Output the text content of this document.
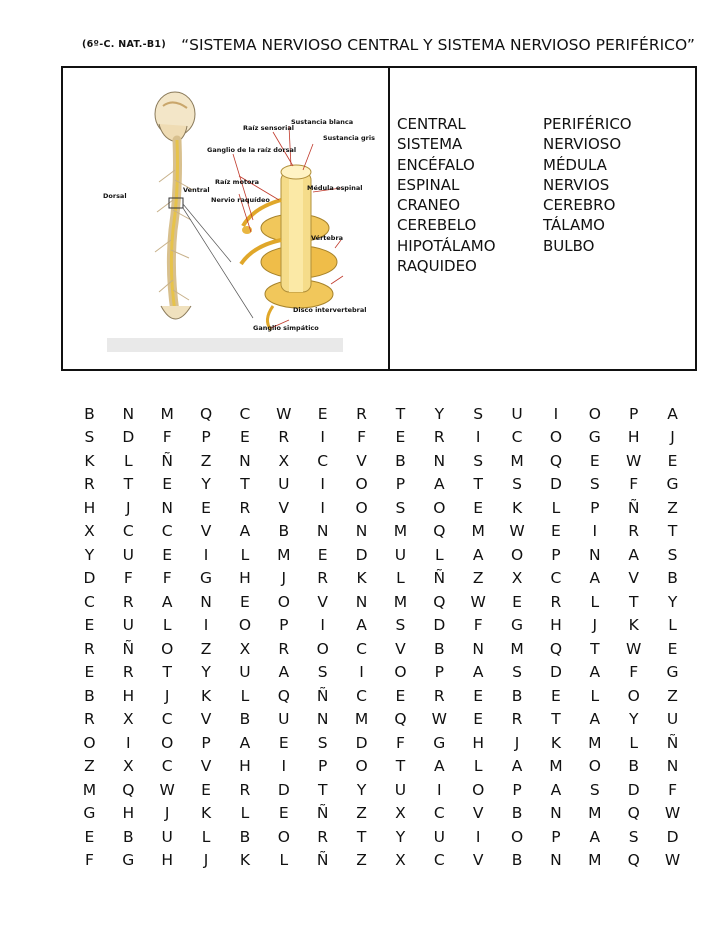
(6º-C. NAT.-B1) “SISTEMA NERVIOSO CENTRAL Y SISTEMA NERVIOSO PERIFÉRICO”
Sustancia blanca
Raíz sensorial
Sustancia gris
Ganglio de la raíz dorsal
Dorsal
Ventral
Raíz motora
Nervio raquídeo
Médula espinal
Vértebra
Disco intervertebral
Ganglio simpático
CENTRAL	PERIFÉRICO
SISTEMA	NERVIOSO
ENCÉFALO	MÉDULA
ESPINAL	NERVIOS
CRANEO	CEREBRO
CEREBELO	TÁLAMO
HIPOTÁLAMO	BULBO
RAQUIDEO
B	N	M	Q	C	W	E	R	T	Y	S	U	I	O	P	A
S	D	F	P	E	R	I	F	E	R	I	C	O	G	H	J
K	L	Ñ	Z	N	X	C	V	B	N	S	M	Q	E	W	E
R	T	E	Y	T	U	I	O	P	A	T	S	D	S	F	G
H	J	N	E	R	V	I	O	S	O	E	K	L	P	Ñ	Z
X	C	C	V	A	B	N	N	M	Q	M	W	E	I	R	T
Y	U	E	I	L	M	E	D	U	L	A	O	P	N	A	S
D	F	F	G	H	J	R	K	L	Ñ	Z	X	C	A	V	B
C	R	A	N	E	O	V	N	M	Q	W	E	R	L	T	Y
E	U	L	I	O	P	I	A	S	D	F	G	H	J	K	L
R	Ñ	O	Z	X	R	O	C	V	B	N	M	Q	T	W	E
E	R	T	Y	U	A	S	I	O	P	A	S	D	A	F	G
B	H	J	K	L	Q	Ñ	C	E	R	E	B	E	L	O	Z
R	X	C	V	B	U	N	M	Q	W	E	R	T	A	Y	U
O	I	O	P	A	E	S	D	F	G	H	J	K	M	L	Ñ
Z	X	C	V	H	I	P	O	T	A	L	A	M	O	B	N
M	Q	W	E	R	D	T	Y	U	I	O	P	A	S	D	F
G	H	J	K	L	E	Ñ	Z	X	C	V	B	N	M	Q	W
E	B	U	L	B	O	R	T	Y	U	I	O	P	A	S	D
F	G	H	J	K	L	Ñ	Z	X	C	V	B	N	M	Q	W
